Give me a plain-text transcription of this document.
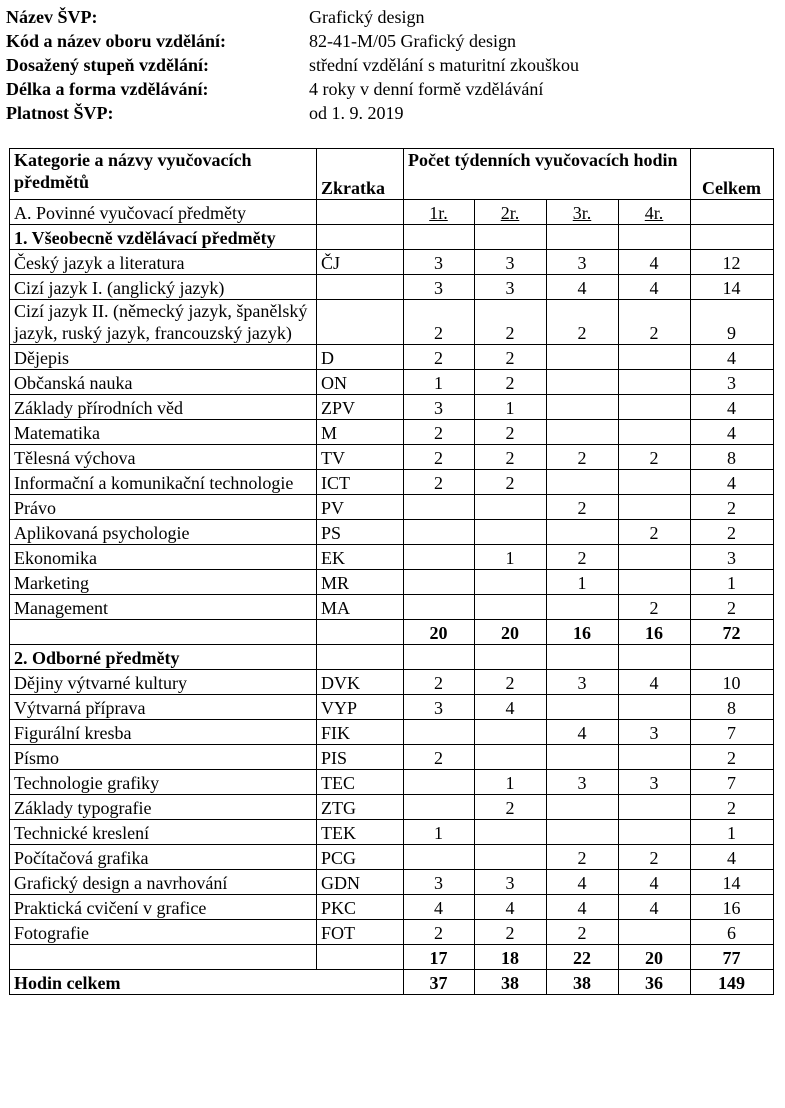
Název ŠVP:	Grafický design
Kód a název oboru vzdělání:	82-41-M/05 Grafický design
Dosažený stupeň vzdělání:	střední vzdělání s maturitní zkouškou
Délka a forma vzdělávání:	4 roky v denní formě vzdělávání
Platnost ŠVP:	od 1. 9. 2019
Kategorie a názvy vyučovacích předmětů	Zkratka	Počet týdenních vyučovacích hodin				Celkem
A. Povinné vyučovací předměty		1r.	2r.	3r.	4r.	
1. Všeobecně vzdělávací předměty						
Český jazyk a literatura	ČJ	3	3	3	4	12
Cizí jazyk I. (anglický jazyk)		3	3	4	4	14
Cizí jazyk II. (německý jazyk, španělský jazyk, ruský jazyk, francouzský jazyk)		2	2	2	2	9
Dějepis	D	2	2			4
Občanská nauka	ON	1	2			3
Základy přírodních věd	ZPV	3	1			4
Matematika	M	2	2			4
Tělesná výchova	TV	2	2	2	2	8
Informační a komunikační technologie	ICT	2	2			4
Právo	PV			2		2
Aplikovaná psychologie	PS				2	2
Ekonomika	EK		1	2		3
Marketing	MR			1		1
Management	MA				2	2
		20	20	16	16	72
2. Odborné předměty						
Dějiny výtvarné kultury	DVK	2	2	3	4	10
Výtvarná příprava	VYP	3	4			8
Figurální kresba	FIK			4	3	7
Písmo	PIS	2				2
Technologie grafiky	TEC		1	3	3	7
Základy typografie	ZTG		2			2
Technické kreslení	TEK	1				1
Počítačová grafika	PCG			2	2	4
Grafický design a navrhování	GDN	3	3	4	4	14
Praktická cvičení v grafice	PKC	4	4	4	4	16
Fotografie	FOT	2	2	2		6
		17	18	22	20	77
Hodin celkem		37	38	38	36	149
